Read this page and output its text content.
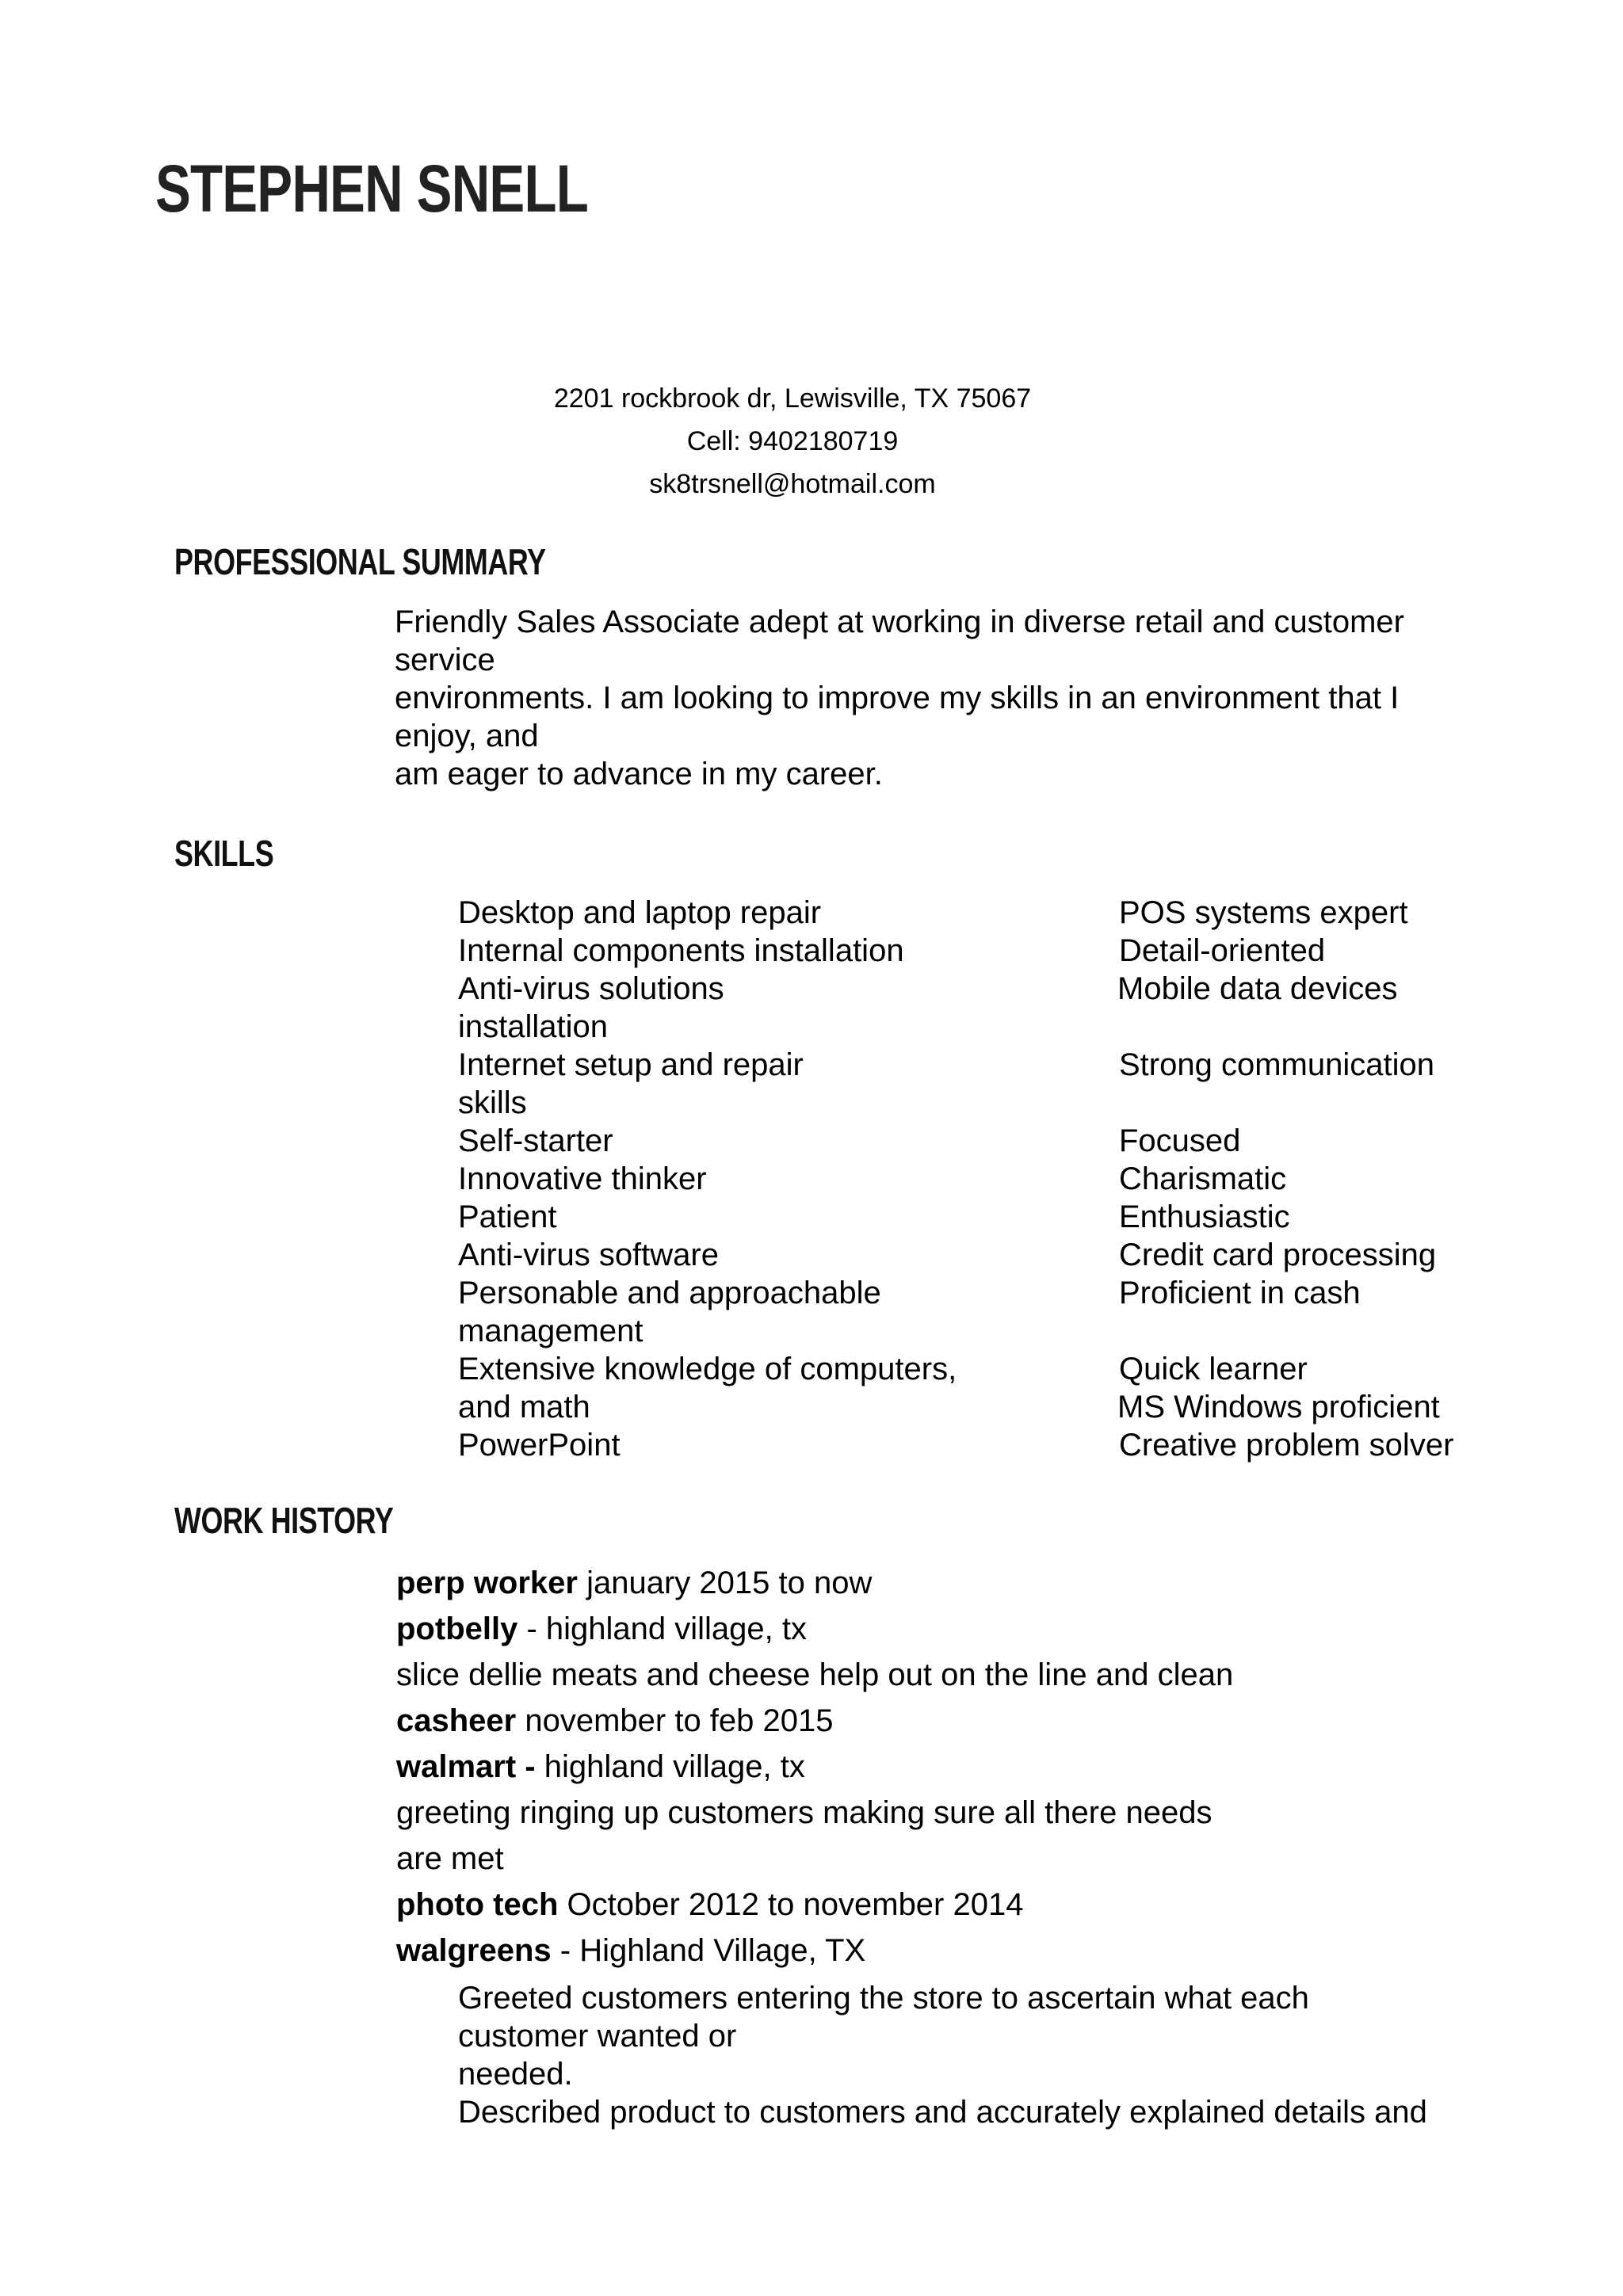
STEPHEN SNELL
2201 rockbrook dr, Lewisville, TX 75067
Cell: 9402180719
sk8trsnell@hotmail.com
PROFESSIONAL SUMMARY
Friendly Sales Associate adept at working in diverse retail and customer
service
environments. I am looking to improve my skills in an environment that I
enjoy, and
am eager to advance in my career.
SKILLS
Desktop and laptop repair
Internal components installation
Anti-virus solutions
installation
Internet setup and repair
skills
Self-starter
Innovative thinker
Patient
Anti-virus software
Personable and approachable
management
Extensive knowledge of computers,
and math
PowerPoint
POS systems expert
Detail-oriented
Mobile data devices
Strong communication
Focused
Charismatic
Enthusiastic
Credit card processing
Proficient in cash
Quick learner
MS Windows proficient
Creative problem solver
WORK HISTORY
perp worker january 2015 to now
potbelly - highland village, tx
slice dellie meats and cheese help out on the line and clean
casheer november to feb 2015
walmart - highland village, tx
greeting ringing up customers making sure all there needs
are met
photo tech October 2012 to november 2014
walgreens - Highland Village, TX
Greeted customers entering the store to ascertain what each
customer wanted or
needed.
Described product to customers and accurately explained details and
